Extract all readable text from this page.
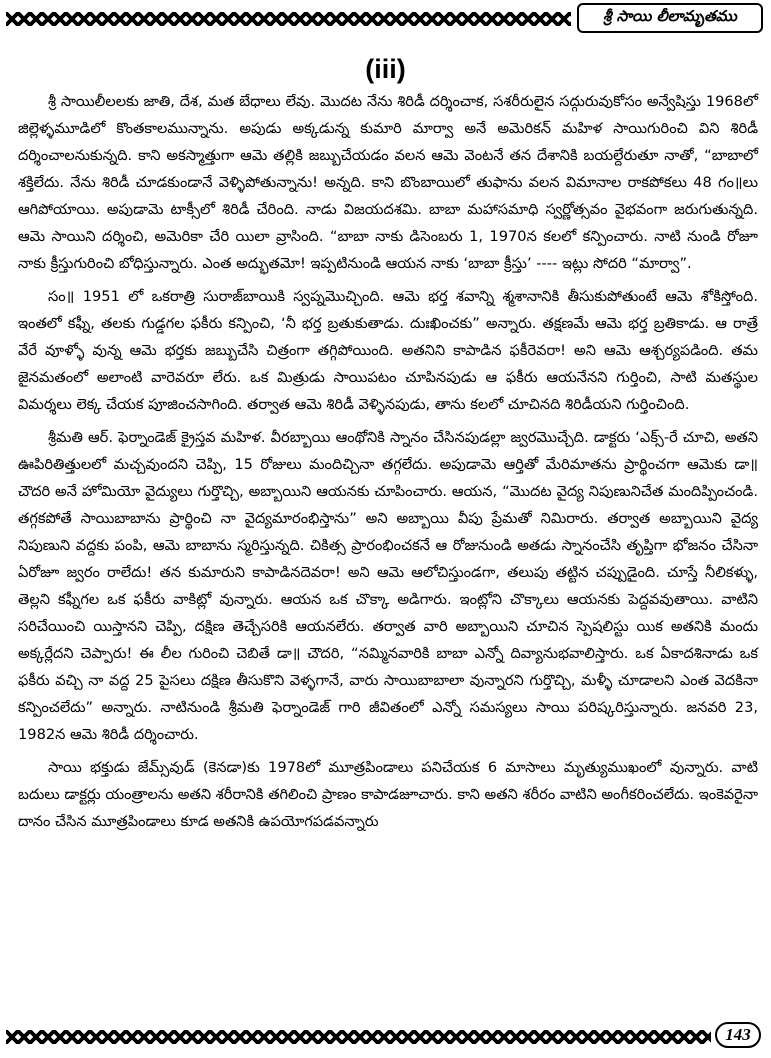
శ్రీ సాయి లీలామృతము
(iii)

శ్రీ సాయిలీలలకు జాతి, దేశ, మత బేధాలు లేవు. మొదట నేను శిరిడీ దర్శించాక, సశరీరులైన సద్గురువుకోసం అన్వేషిస్తు 1968లో జిల్లెళ్ళమూడిలో కొంతకాలమున్నాను. అపుడు అక్కడున్న కుమారి మార్వా అనే అమెరికన్ మహిళ సాయిగురించి విని శిరిడీ దర్శించాలనుకున్నది. కాని అకస్మాత్తుగా ఆమె తల్లికి జబ్బుచేయడం వలన ఆమె వెంటనే తన దేశానికి బయల్దేరుతూ నాతో, “బాబాలో శక్తిలేదు. నేను శిరిడీ చూడకుండానే వెళ్ళిపోతున్నాను! అన్నది. కాని బొంబాయిలో తుఫాను వలన విమానాల రాకపోకలు 48 గం॥లు ఆగిపోయాయి. అపుడామె టాక్సీలో శిరిడీ చేరింది. నాడు విజయదశమి. బాబా మహాసమాధి స్వర్ణోత్సవం వైభవంగా జరుగుతున్నది. ఆమె సాయిని దర్శించి, అమెరికా చేరి యిలా వ్రాసింది. “బాబా నాకు డిసెంబరు 1, 1970న కలలో కన్పించారు. నాటి నుండి రోజూ నాకు క్రీస్తుగురించి బోధిస్తున్నారు. ఎంత అద్భుతమో! ఇప్పటినుండి ఆయన నాకు ‘బాబా క్రీస్తు’ ---- ఇట్లు సోదరి “మార్వా”.

సం॥ 1951 లో ఒకరాత్రి సురాజ్‌బాయికి స్వప్నమొచ్చింది. ఆమె భర్త శవాన్ని శ్మశానానికి తీసుకుపోతుంటే ఆమె శోకిస్తోంది. ఇంతలో కఫ్నీ, తలకు గుడ్డగల ఫకీరు కన్పించి, ‘నీ భర్త బ్రతుకుతాడు. దుఃఖించకు” అన్నారు. తక్షణమే ఆమె భర్త బ్రతికాడు. ఆ రాత్రే వేరే వూళ్ళో వున్న ఆమె భర్తకు జబ్బుచేసి చిత్రంగా తగ్గిపోయింది. అతనిని కాపాడిన ఫకీరెవరా! అని ఆమె ఆశ్చర్యపడింది. తమ జైనమతంలో అలాంటి వారెవరూ లేరు. ఒక మిత్రుడు సాయిపటం చూపినపుడు ఆ ఫకీరు ఆయనేనని గుర్తించి, సాటి మతస్థుల విమర్శలు లెక్క చేయక పూజించసాగింది. తర్వాత ఆమె శిరిడీ వెళ్ళినపుడు, తాను కలలో చూచినది శిరిడీయని గుర్తించింది.

శ్రీమతి ఆర్. ఫెర్నాండెజ్ క్రైస్తవ మహిళ. వీరబ్బాయి ఆంథోనికి స్నానం చేసినపుడల్లా జ్వరమొచ్చేది. డాక్టరు ‘ఎక్స్-రే చూచి, అతని ఊపిరితిత్తులలో మచ్చవుందని చెప్పి, 15 రోజులు మందిచ్చినా తగ్గలేదు. అపుడామె ఆర్తితో మేరిమాతను ప్రార్థించగా ఆమెకు డా॥ చౌదరి అనే హోమియో వైద్యులు గుర్తొచ్చి, అబ్బాయిని ఆయనకు చూపించారు. ఆయన, “మొదట వైద్య నిపుణునిచేత మందిప్పించండి. తగ్గకపోతే సాయిబాబాను ప్రార్థించి నా వైద్యమారంభిస్తాను” అని అబ్బాయి వీపు ప్రేమతో నిమిరారు. తర్వాత అబ్బాయిని వైద్య నిపుణుని వద్దకు పంపి, ఆమె బాబాను స్మరిస్తున్నది. చికిత్స ప్రారంభించకనే ఆ రోజునుండి అతడు స్నానంచేసి తృప్తిగా భోజనం చేసినా ఏరోజూ జ్వరం రాలేదు! తన కుమారుని కాపాడినదెవరా! అని ఆమె ఆలోచిస్తుండగా, తలుపు తట్టిన చప్పుడైంది. చూస్తే నీలికళ్ళు, తెల్లని కఫ్నీగల ఒక ఫకీరు వాకిట్లో వున్నారు. ఆయన ఒక చొక్కా అడిగారు. ఇంట్లోని చొక్కాలు ఆయనకు పెద్దవవుతాయి. వాటిని సరిచేయించి యిస్తానని చెప్పి, దక్షిణ తెచ్చేసరికి ఆయనలేరు. తర్వాత వారి అబ్బాయిని చూచిన స్పెషలిస్టు యిక అతనికి మందు అక్కర్లేదని చెప్పారు! ఈ లీల గురించి చెబితే డా॥ చౌదరి, “నమ్మినవారికి బాబా ఎన్నో దివ్యానుభవాలిస్తారు. ఒక ఏకాదశినాడు ఒక ఫకీరు వచ్చి నా వద్ద 25 పైసలు దక్షిణ తీసుకొని వెళ్ళగానే, వారు సాయిబాబాలా వున్నారని గుర్తొచ్చి, మళ్ళీ చూడాలని ఎంత వెదకినా కన్పించలేదు” అన్నారు. నాటినుండి శ్రీమతి ఫెర్నాండెజ్ గారి జీవితంలో ఎన్నో సమస్యలు సాయి పరిష్కరిస్తున్నారు. జనవరి 23, 1982న ఆమె శిరిడీ దర్శించారు.

సాయి భక్తుడు జేమ్స్‌వుడ్ (కెనడా)కు 1978లో మూత్రపిండాలు పనిచేయక 6 మాసాలు మృత్యుముఖంలో వున్నారు. వాటి బదులు డాక్టర్లు యంత్రాలను అతని శరీరానికి తగిలించి ప్రాణం కాపాడజూచారు. కాని అతని శరీరం వాటిని అంగీకరించలేదు. ఇంకెవరైనా దానం చేసిన మూత్రపిండాలు కూడ అతనికి ఉపయోగపడవన్నారు

143
